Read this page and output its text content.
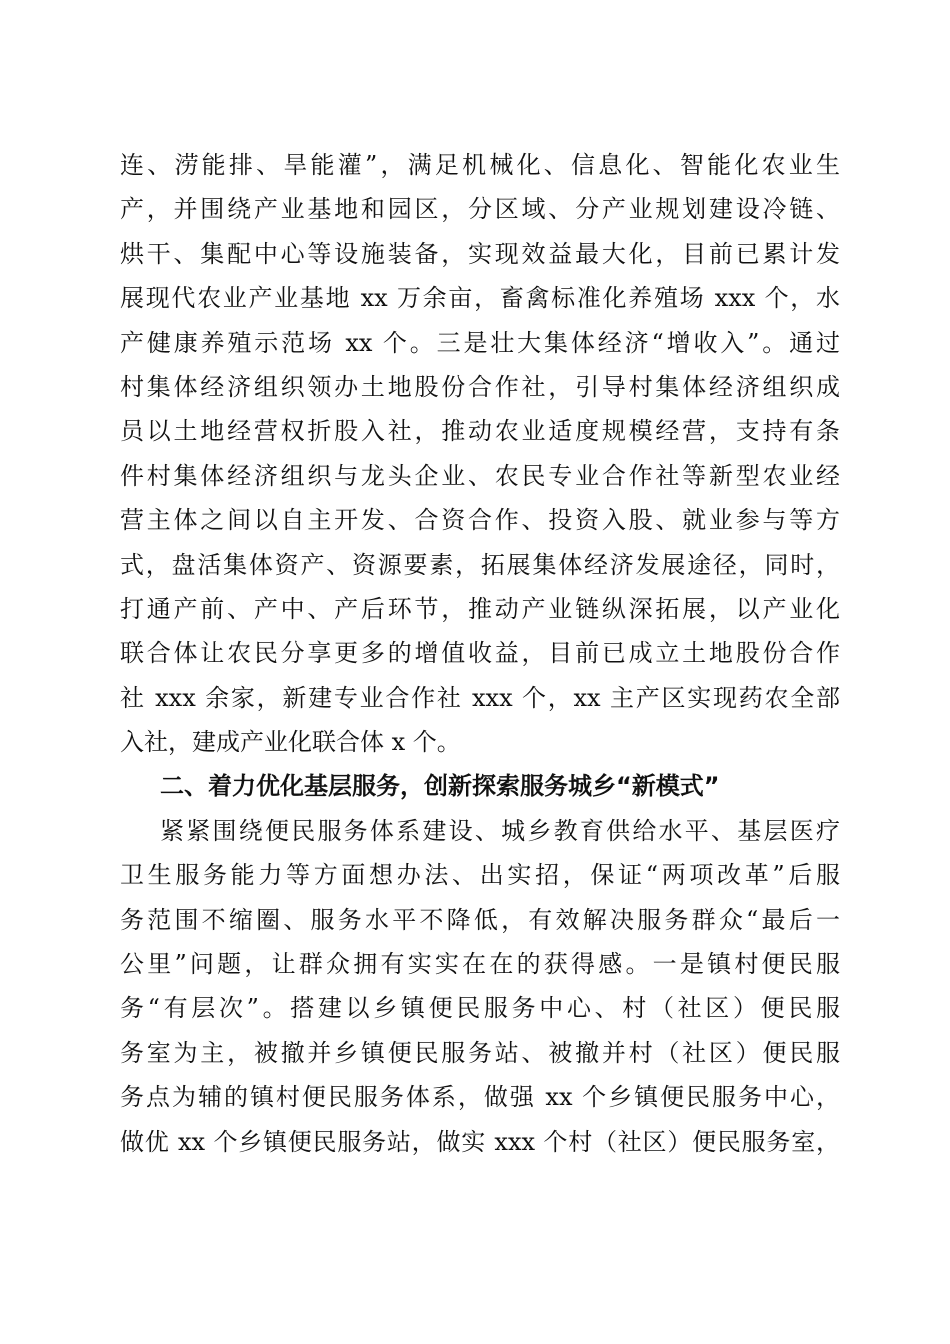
连、涝能排、旱能灌”，满足机械化、信息化、智能化农业生
产，并围绕产业基地和园区，分区域、分产业规划建设冷链、
烘干、集配中心等设施装备，实现效益最大化，目前已累计发
展现代农业产业基地 xx 万余亩，畜禽标准化养殖场 xxx 个，水
产健康养殖示范场 xx 个。三是壮大集体经济“增收入”。通过
村集体经济组织领办土地股份合作社，引导村集体经济组织成
员以土地经营权折股入社，推动农业适度规模经营，支持有条
件村集体经济组织与龙头企业、农民专业合作社等新型农业经
营主体之间以自主开发、合资合作、投资入股、就业参与等方
式，盘活集体资产、资源要素，拓展集体经济发展途径，同时，
打通产前、产中、产后环节，推动产业链纵深拓展，以产业化
联合体让农民分享更多的增值收益，目前已成立土地股份合作
社 xxx 余家，新建专业合作社 xxx 个，xx 主产区实现药农全部
入社，建成产业化联合体 x 个。
二、着力优化基层服务，创新探索服务城乡“新模式”
紧紧围绕便民服务体系建设、城乡教育供给水平、基层医疗
卫生服务能力等方面想办法、出实招，保证“两项改革”后服
务范围不缩圈、服务水平不降低，有效解决服务群众“最后一
公里”问题，让群众拥有实实在在的获得感。一是镇村便民服
务“有层次”。搭建以乡镇便民服务中心、村（社区）便民服
务室为主，被撤并乡镇便民服务站、被撤并村（社区）便民服
务点为辅的镇村便民服务体系，做强 xx 个乡镇便民服务中心，
做优 xx 个乡镇便民服务站，做实 xxx 个村（社区）便民服务室，
